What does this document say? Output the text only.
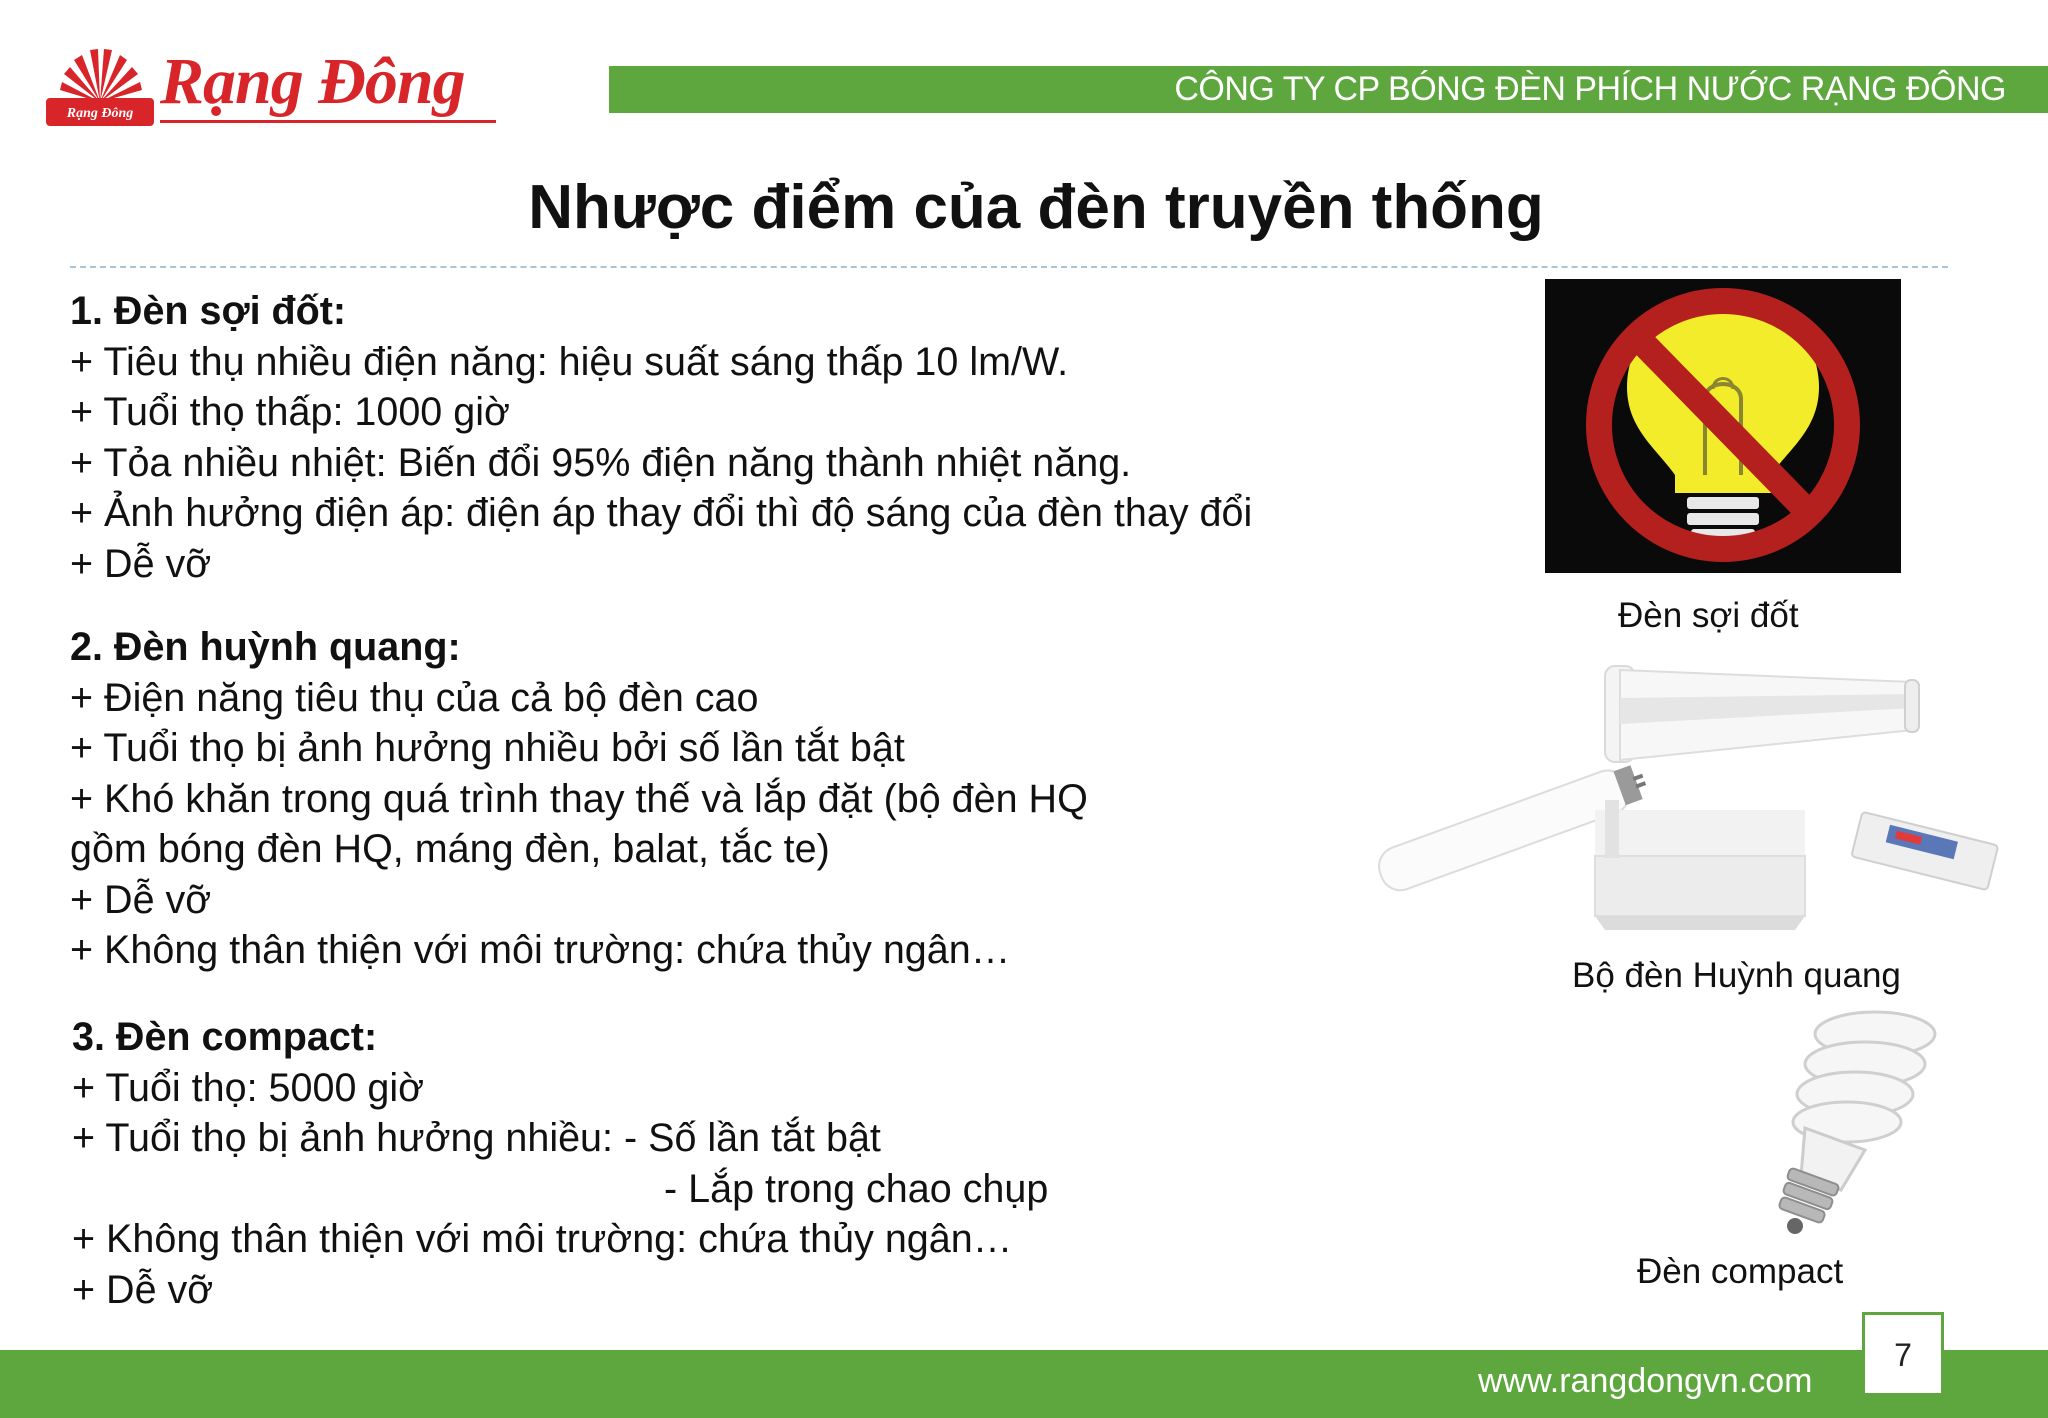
Rạng Đông Rạng Đông	CÔNG TY CP BÓNG ĐÈN PHÍCH NƯỚC RẠNG ĐÔNG
Nhược điểm của đèn truyền thống
1. Đèn sợi đốt:
+ Tiêu thụ nhiều điện năng: hiệu suất sáng thấp 10 lm/W.
+ Tuổi thọ thấp: 1000 giờ
+ Tỏa nhiều nhiệt: Biến đổi 95% điện năng thành nhiệt năng.
+ Ảnh hưởng điện áp: điện áp thay đổi thì độ sáng của đèn thay đổi
+ Dễ vỡ
2. Đèn huỳnh quang:
+ Điện năng tiêu thụ của cả bộ đèn cao
+ Tuổi thọ bị ảnh hưởng nhiều bởi số lần tắt bật
+ Khó khăn trong quá trình thay thế và lắp đặt (bộ đèn HQ
gồm bóng đèn HQ, máng đèn, balat, tắc te)
+ Dễ vỡ
+ Không thân thiện với môi trường: chứa thủy ngân…
3. Đèn compact:
+ Tuổi thọ: 5000 giờ
+ Tuổi thọ bị ảnh hưởng nhiều: - Số lần tắt bật
- Lắp trong chao chụp
+ Không thân thiện với môi trường: chứa thủy ngân…
+ Dễ vỡ
Đèn sợi đốt
Bộ đèn Huỳnh quang
Đèn compact
www.rangdongvn.com
7
